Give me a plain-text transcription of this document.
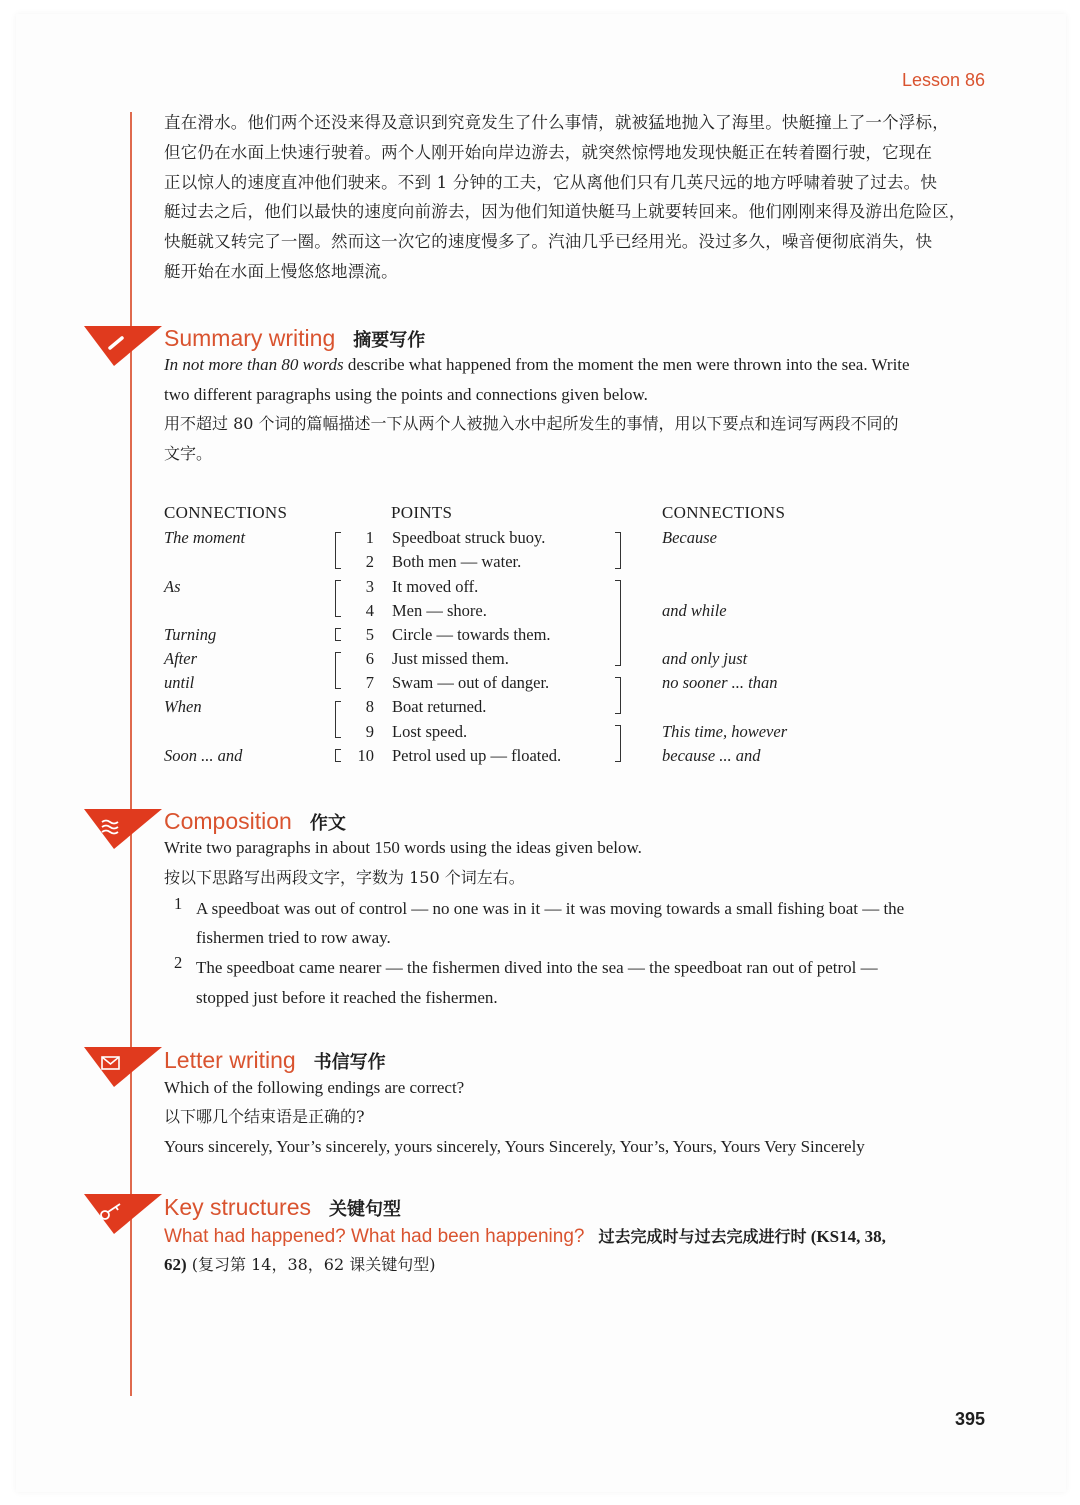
Lesson 86
直在滑水。他们两个还没来得及意识到究竟发生了什么事情，就被猛地抛入了海里。快艇撞上了一个浮标，
但它仍在水面上快速行驶着。两个人刚开始向岸边游去，就突然惊愕地发现快艇正在转着圈行驶，它现在
正以惊人的速度直冲他们驶来。不到 1 分钟的工夫，它从离他们只有几英尺远的地方呼啸着驶了过去。快
艇过去之后，他们以最快的速度向前游去，因为他们知道快艇马上就要转回来。他们刚刚来得及游出危险区，
快艇就又转完了一圈。然而这一次它的速度慢多了。汽油几乎已经用光。没过多久，噪音便彻底消失，快
艇开始在水面上慢悠悠地漂流。
Summary writing 摘要写作
In not more than 80 words describe what happened from the moment the men were thrown into the sea. Write
two different paragraphs using the points and connections given below.
用不超过 80 个词的篇幅描述一下从两个人被抛入水中起所发生的事情，用以下要点和连词写两段不同的
文字。
CONNECTIONS	POINTS	CONNECTIONS
The moment
As
Turning
After
until
When
Soon ... and
1 Speedboat struck buoy.
2 Both men — water.
3 It moved off.
4 Men — shore.
5 Circle — towards them.
6 Just missed them.
7 Swam — out of danger.
8 Boat returned.
9 Lost speed.
10 Petrol used up — floated.
Because
and while
and only just
no sooner ... than
This time, however
because ... and
Composition 作文
Write two paragraphs in about 150 words using the ideas given below.
按以下思路写出两段文字，字数为 150 个词左右。
1 A speedboat was out of control — no one was in it — it was moving towards a small fishing boat — the
fishermen tried to row away.
2 The speedboat came nearer — the fishermen dived into the sea — the speedboat ran out of petrol —
stopped just before it reached the fishermen.
Letter writing 书信写作
Which of the following endings are correct?
以下哪几个结束语是正确的?
Yours sincerely, Your’s sincerely, yours sincerely, Yours Sincerely, Your’s, Yours, Yours Very Sincerely
Key structures 关键句型
What had happened? What had been happening? 过去完成时与过去完成进行时 (KS14, 38,
62) (复习第 14，38，62 课关键句型)
395
